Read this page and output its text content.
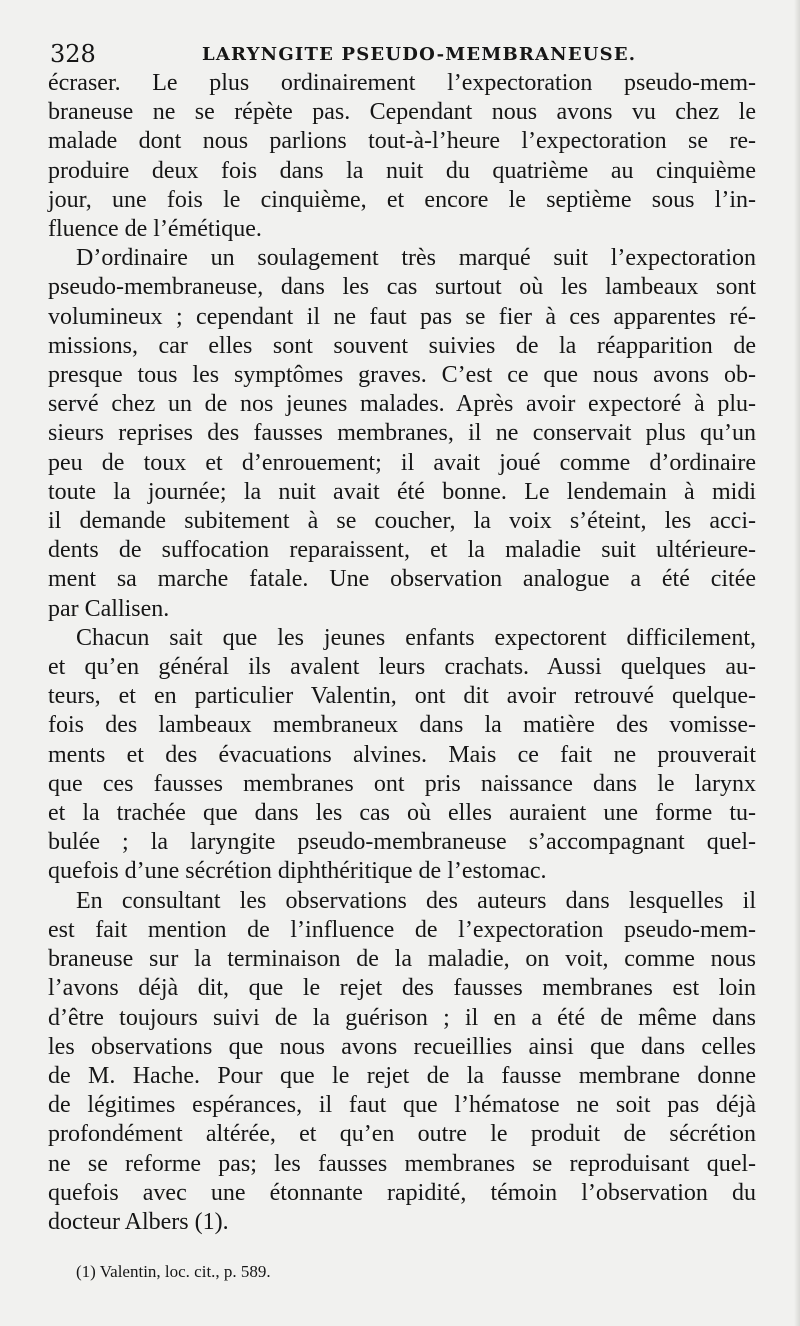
328	LARYNGITE PSEUDO-MEMBRANEUSE.

écraser. Le plus ordinairement l’expectoration pseudo-mem-
braneuse ne se répète pas. Cependant nous avons vu chez le
malade dont nous parlions tout-à-l’heure l’expectoration se re-
produire deux fois dans la nuit du quatrième au cinquième
jour, une fois le cinquième, et encore le septième sous l’in-
fluence de l’émétique.

D’ordinaire un soulagement très marqué suit l’expectoration
pseudo-membraneuse, dans les cas surtout où les lambeaux sont
volumineux ; cependant il ne faut pas se fier à ces apparentes ré-
missions, car elles sont souvent suivies de la réapparition de
presque tous les symptômes graves. C’est ce que nous avons ob-
servé chez un de nos jeunes malades. Après avoir expectoré à plu-
sieurs reprises des fausses membranes, il ne conservait plus qu’un
peu de toux et d’enrouement; il avait joué comme d’ordinaire
toute la journée; la nuit avait été bonne. Le lendemain à midi
il demande subitement à se coucher, la voix s’éteint, les acci-
dents de suffocation reparaissent, et la maladie suit ultérieure-
ment sa marche fatale. Une observation analogue a été citée
par Callisen.

Chacun sait que les jeunes enfants expectorent difficilement,
et qu’en général ils avalent leurs crachats. Aussi quelques au-
teurs, et en particulier Valentin, ont dit avoir retrouvé quelque-
fois des lambeaux membraneux dans la matière des vomisse-
ments et des évacuations alvines. Mais ce fait ne prouverait
que ces fausses membranes ont pris naissance dans le larynx
et la trachée que dans les cas où elles auraient une forme tu-
bulée ; la laryngite pseudo-membraneuse s’accompagnant quel-
quefois d’une sécrétion diphthéritique de l’estomac.

En consultant les observations des auteurs dans lesquelles il
est fait mention de l’influence de l’expectoration pseudo-mem-
braneuse sur la terminaison de la maladie, on voit, comme nous
l’avons déjà dit, que le rejet des fausses membranes est loin
d’être toujours suivi de la guérison ; il en a été de même dans
les observations que nous avons recueillies ainsi que dans celles
de M. Hache. Pour que le rejet de la fausse membrane donne
de légitimes espérances, il faut que l’hématose ne soit pas déjà
profondément altérée, et qu’en outre le produit de sécrétion
ne se reforme pas; les fausses membranes se reproduisant quel-
quefois avec une étonnante rapidité, témoin l’observation du
docteur Albers (1).

(1) Valentin, loc. cit., p. 589.
